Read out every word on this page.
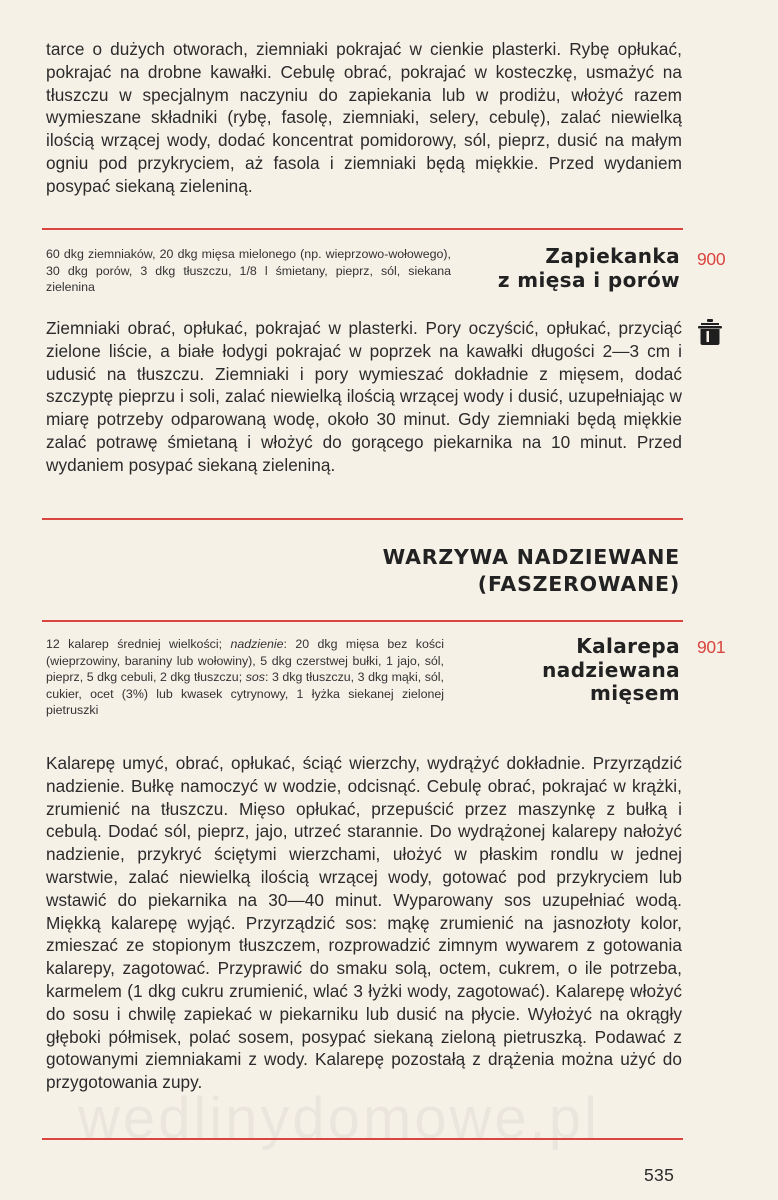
tarce o dużych otworach, ziemniaki pokrajać w cienkie plasterki. Rybę opłukać, pokrajać na drobne kawałki. Cebulę obrać, pokrajać w kosteczkę, usmażyć na tłuszczu w specjalnym naczyniu do zapiekania lub w prodiżu, włożyć razem wymieszane składniki (rybę, fasolę, ziemniaki, selery, cebulę), zalać niewielką ilością wrzącej wody, dodać koncentrat pomidorowy, sól, pieprz, dusić na małym ogniu pod przykryciem, aż fasola i ziemniaki będą miękkie. Przed wydaniem posypać siekaną zieleniną.

60 dkg ziemniaków, 20 dkg mięsa mielonego (np. wieprzowo-wołowego), 30 dkg porów, 3 dkg tłuszczu, 1/8 l śmietany, pieprz, sól, siekana zielenina

Zapiekanka
z mięsa i porów

900

Ziemniaki obrać, opłukać, pokrajać w plasterki. Pory oczyścić, opłukać, przyciąć zielone liście, a białe łodygi pokrajać w poprzek na kawałki długości 2—3 cm i udusić na tłuszczu. Ziemniaki i pory wymieszać dokładnie z mięsem, dodać szczyptę pieprzu i soli, zalać niewielką ilością wrzącej wody i dusić, uzupełniając w miarę potrzeby odparowaną wodę, około 30 minut. Gdy ziemniaki będą miękkie zalać potrawę śmietaną i włożyć do gorącego piekarnika na 10 minut. Przed wydaniem posypać siekaną zieleniną.

WARZYWA NADZIEWANE
(FASZEROWANE)

12 kalarep średniej wielkości; nadzienie: 20 dkg mięsa bez kości (wieprzowiny, baraniny lub wołowiny), 5 dkg czerstwej bułki, 1 jajo, sól, pieprz, 5 dkg cebuli, 2 dkg tłuszczu; sos: 3 dkg tłuszczu, 3 dkg mąki, sól, cukier, ocet (3%) lub kwasek cytrynowy, 1 łyżka siekanej zielonej pietruszki

Kalarepa
nadziewana
mięsem

901

Kalarepę umyć, obrać, opłukać, ściąć wierzchy, wydrążyć dokładnie. Przyrządzić nadzienie. Bułkę namoczyć w wodzie, odcisnąć. Cebulę obrać, pokrajać w krążki, zrumienić na tłuszczu. Mięso opłukać, przepuścić przez maszynkę z bułką i cebulą. Dodać sól, pieprz, jajo, utrzeć starannie. Do wydrążonej kalarepy nałożyć nadzienie, przykryć ściętymi wierzchami, ułożyć w płaskim rondlu w jednej warstwie, zalać niewielką ilością wrzącej wody, gotować pod przykryciem lub wstawić do piekarnika na 30—40 minut. Wyparowany sos uzupełniać wodą. Miękką kalarepę wyjąć. Przyrządzić sos: mąkę zrumienić na jasnozłoty kolor, zmieszać ze stopionym tłuszczem, rozprowadzić zimnym wywarem z gotowania kalarepy, zagotować. Przyprawić do smaku solą, octem, cukrem, o ile potrzeba, karmelem (1 dkg cukru zrumienić, wlać 3 łyżki wody, zagotować). Kalarepę włożyć do sosu i chwilę zapiekać w piekarniku lub dusić na płycie. Wyłożyć na okrągły głęboki półmisek, polać sosem, posypać siekaną zieloną pietruszką. Podawać z gotowanymi ziemniakami z wody. Kalarepę pozostałą z drążenia można użyć do przygotowania zupy.

535
